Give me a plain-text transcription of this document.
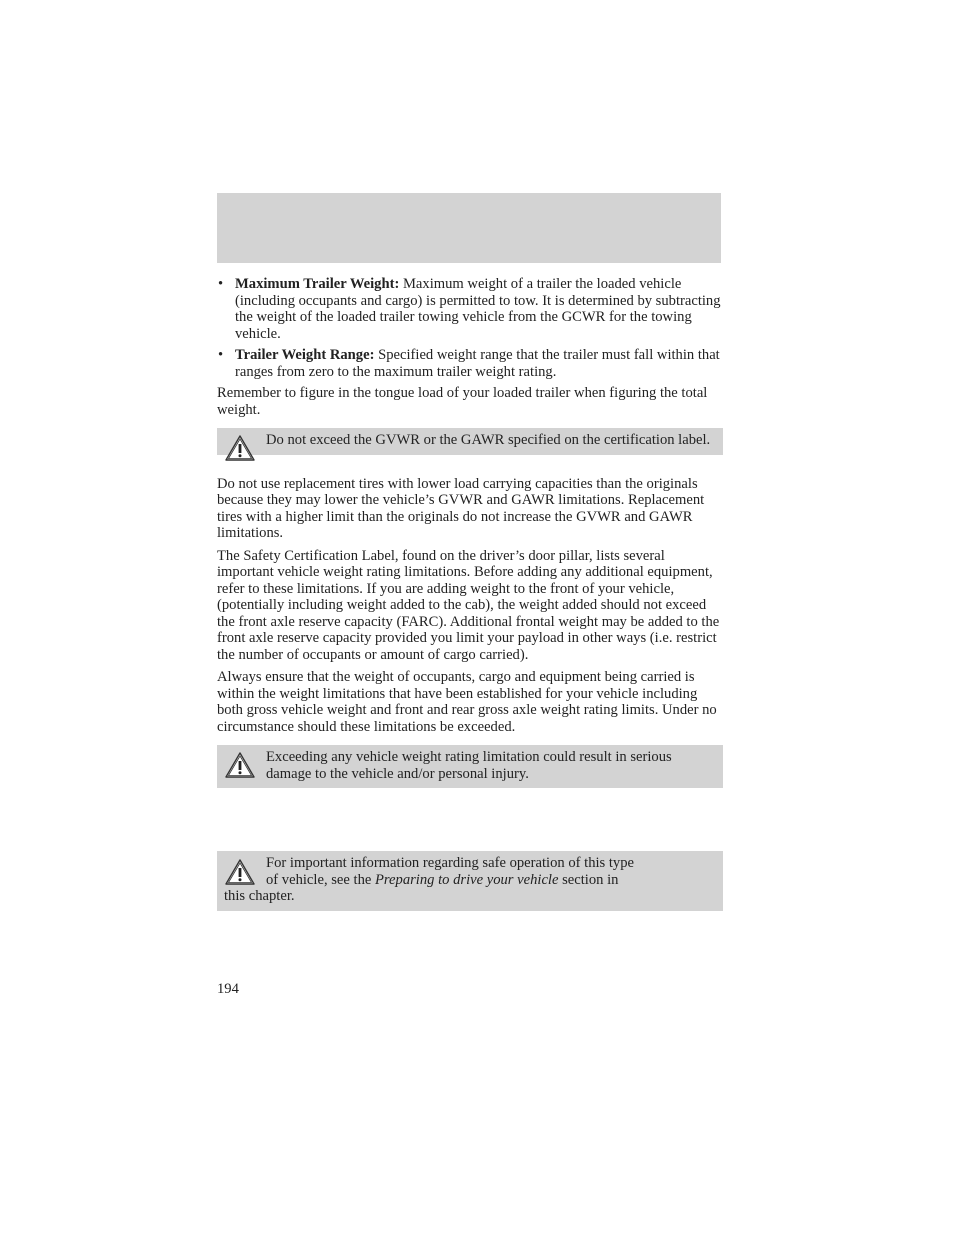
• Maximum Trailer Weight: Maximum weight of a trailer the loaded vehicle (including occupants and cargo) is permitted to tow. It is determined by subtracting the weight of the loaded trailer towing vehicle from the GCWR for the towing vehicle.
• Trailer Weight Range: Specified weight range that the trailer must fall within that ranges from zero to the maximum trailer weight rating.

Remember to figure in the tongue load of your loaded trailer when figuring the total weight.

Do not exceed the GVWR or the GAWR specified on the certification label.

Do not use replacement tires with lower load carrying capacities than the originals because they may lower the vehicle’s GVWR and GAWR limitations. Replacement tires with a higher limit than the originals do not increase the GVWR and GAWR limitations.

The Safety Certification Label, found on the driver’s door pillar, lists several important vehicle weight rating limitations. Before adding any additional equipment, refer to these limitations. If you are adding weight to the front of your vehicle, (potentially including weight added to the cab), the weight added should not exceed the front axle reserve capacity (FARC). Additional frontal weight may be added to the front axle reserve capacity provided you limit your payload in other ways (i.e. restrict the number of occupants or amount of cargo carried).

Always ensure that the weight of occupants, cargo and equipment being carried is within the weight limitations that have been established for your vehicle including both gross vehicle weight and front and rear gross axle weight rating limits. Under no circumstance should these limitations be exceeded.

Exceeding any vehicle weight rating limitation could result in serious damage to the vehicle and/or personal injury.
For important information regarding safe operation of this type
of vehicle, see the Preparing to drive your vehicle section in
this chapter.
194
